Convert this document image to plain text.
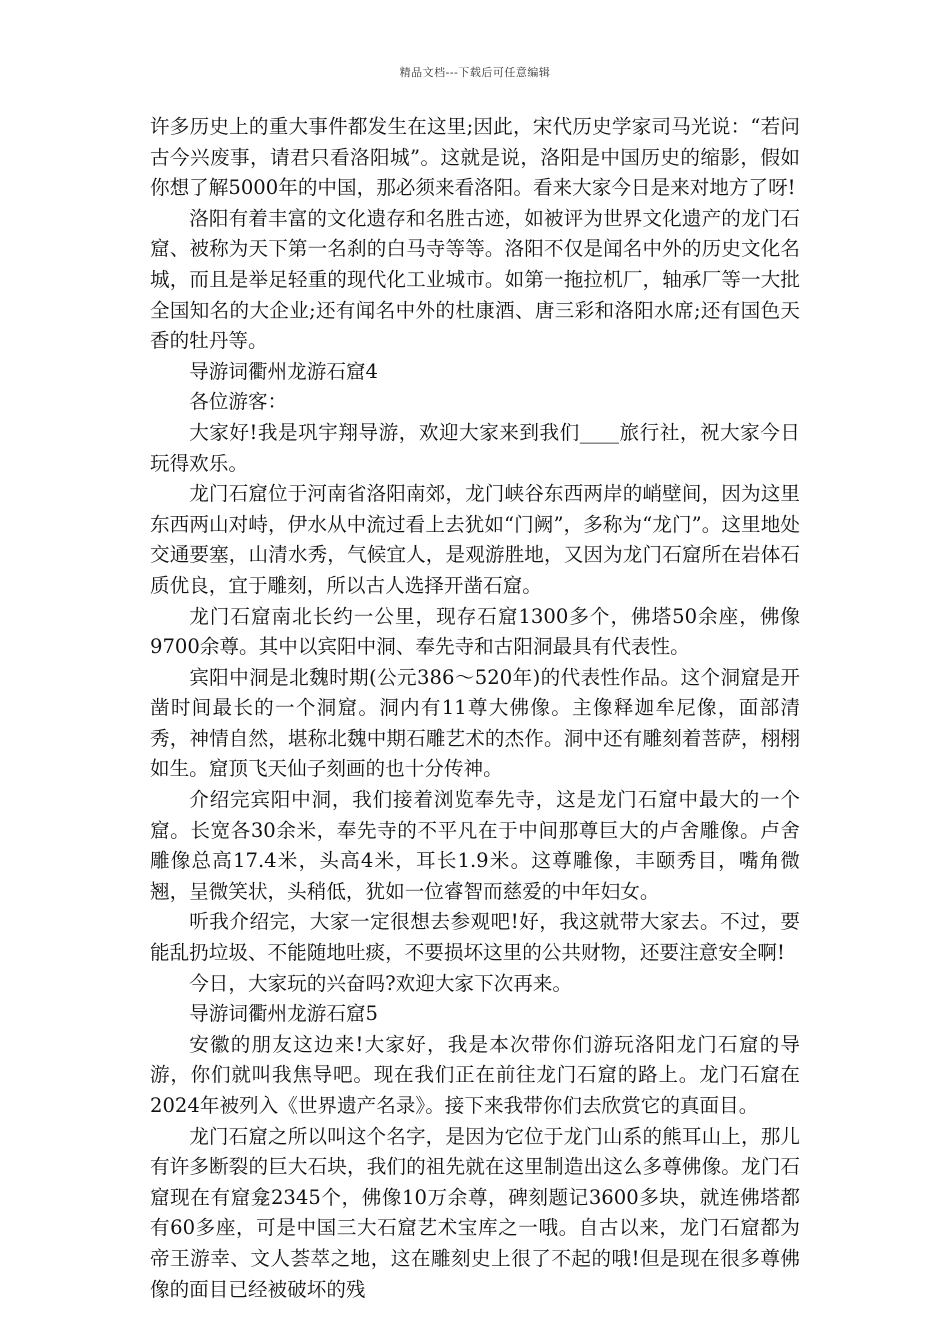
精品文档---下载后可任意编辑

许多历史上的重大事件都发生在这里;因此，宋代历史学家司马光说：“若问古今兴废事，请君只看洛阳城”。这就是说，洛阳是中国历史的缩影，假如你想了解5000年的中国，那必须来看洛阳。看来大家今日是来对地方了呀!

洛阳有着丰富的文化遗存和名胜古迹，如被评为世界文化遗产的龙门石窟、被称为天下第一名刹的白马寺等等。洛阳不仅是闻名中外的历史文化名城，而且是举足轻重的现代化工业城市。如第一拖拉机厂，轴承厂等一大批全国知名的大企业;还有闻名中外的杜康酒、唐三彩和洛阳水席;还有国色天香的牡丹等。

导游词衢州龙游石窟4

各位游客：

大家好!我是巩宇翔导游，欢迎大家来到我们____旅行社，祝大家今日玩得欢乐。

龙门石窟位于河南省洛阳南郊，龙门峡谷东西两岸的峭壁间，因为这里东西两山对峙，伊水从中流过看上去犹如“门阙”，多称为“龙门”。这里地处交通要塞，山清水秀，气候宜人，是观游胜地，又因为龙门石窟所在岩体石质优良，宜于雕刻，所以古人选择开凿石窟。

龙门石窟南北长约一公里，现存石窟1300多个，佛塔50余座，佛像9700余尊。其中以宾阳中洞、奉先寺和古阳洞最具有代表性。

宾阳中洞是北魏时期(公元386～520年)的代表性作品。这个洞窟是开凿时间最长的一个洞窟。洞内有11尊大佛像。主像释迦牟尼像，面部清秀，神情自然，堪称北魏中期石雕艺术的杰作。洞中还有雕刻着菩萨，栩栩如生。窟顶飞天仙子刻画的也十分传神。

介绍完宾阳中洞，我们接着浏览奉先寺，这是龙门石窟中最大的一个窟。长宽各30余米，奉先寺的不平凡在于中间那尊巨大的卢舍雕像。卢舍雕像总高17.4米，头高4米，耳长1.9米。这尊雕像，丰颐秀目，嘴角微翘，呈微笑状，头稍低，犹如一位睿智而慈爱的中年妇女。

听我介绍完，大家一定很想去参观吧!好，我这就带大家去。不过，要能乱扔垃圾、不能随地吐痰，不要损坏这里的公共财物，还要注意安全啊!

今日，大家玩的兴奋吗?欢迎大家下次再来。

导游词衢州龙游石窟5

安徽的朋友这边来!大家好，我是本次带你们游玩洛阳龙门石窟的导游，你们就叫我焦导吧。现在我们正在前往龙门石窟的路上。龙门石窟在2024年被列入《世界遗产名录》。接下来我带你们去欣赏它的真面目。

龙门石窟之所以叫这个名字，是因为它位于龙门山系的熊耳山上，那儿有许多断裂的巨大石块，我们的祖先就在这里制造出这么多尊佛像。龙门石窟现在有窟龛2345个，佛像10万余尊，碑刻题记3600多块，就连佛塔都有60多座，可是中国三大石窟艺术宝库之一哦。自古以来，龙门石窟都为帝王游幸、文人荟萃之地，这在雕刻史上很了不起的哦!但是现在很多尊佛像的面目已经被破坏的残
